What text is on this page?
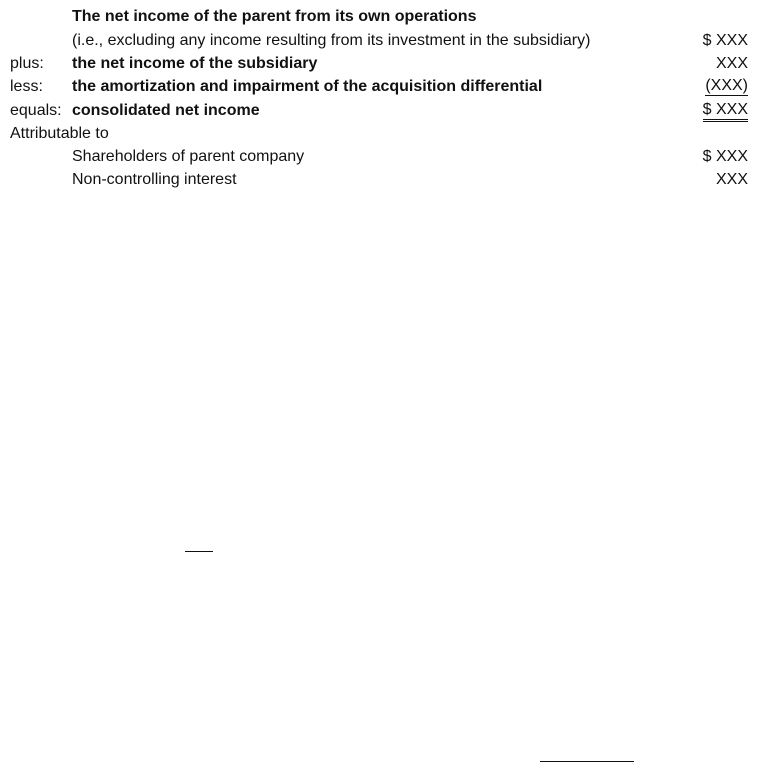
The net income of the parent from its own operations
(i.e., excluding any income resulting from its investment in the subsidiary)	$ XXX
plus: the net income of the subsidiary	XXX
less: the amortization and impairment of the acquisition differential	(XXX)
equals: consolidated net income	$ XXX
Attributable to
Shareholders of parent company	$ XXX
Non-controlling interest	XXX
